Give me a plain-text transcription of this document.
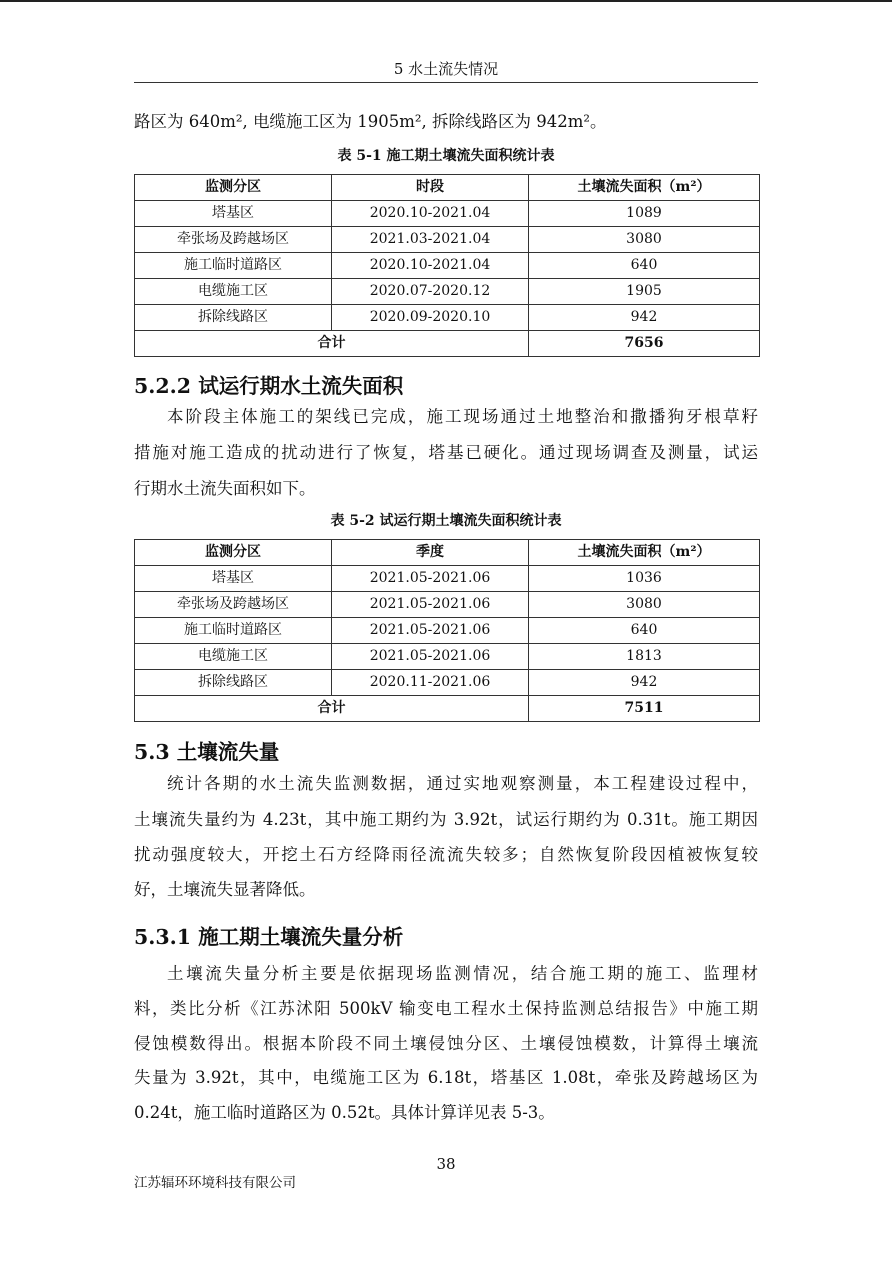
5 水土流失情况
路区为 640m², 电缆施工区为 1905m², 拆除线路区为 942m²。
表 5-1 施工期土壤流失面积统计表
监测分区	时段	土壤流失面积（m²）
塔基区	2020.10-2021.04	1089
牵张场及跨越场区	2021.03-2021.04	3080
施工临时道路区	2020.10-2021.04	640
电缆施工区	2020.07-2020.12	1905
拆除线路区	2020.09-2020.10	942
合计		7656
5.2.2 试运行期水土流失面积
本阶段主体施工的架线已完成，施工现场通过土地整治和撒播狗牙根草籽
措施对施工造成的扰动进行了恢复，塔基已硬化。通过现场调查及测量，试运
行期水土流失面积如下。
表 5-2 试运行期土壤流失面积统计表
监测分区	季度	土壤流失面积（m²）
塔基区	2021.05-2021.06	1036
牵张场及跨越场区	2021.05-2021.06	3080
施工临时道路区	2021.05-2021.06	640
电缆施工区	2021.05-2021.06	1813
拆除线路区	2020.11-2021.06	942
合计		7511
5.3 土壤流失量
统计各期的水土流失监测数据，通过实地观察测量，本工程建设过程中，
土壤流失量约为 4.23t，其中施工期约为 3.92t，试运行期约为 0.31t。施工期因
扰动强度较大，开挖土石方经降雨径流流失较多；自然恢复阶段因植被恢复较
好，土壤流失显著降低。
5.3.1 施工期土壤流失量分析
土壤流失量分析主要是依据现场监测情况，结合施工期的施工、监理材
料，类比分析《江苏沭阳 500kV 输变电工程水土保持监测总结报告》中施工期
侵蚀模数得出。根据本阶段不同土壤侵蚀分区、土壤侵蚀模数，计算得土壤流
失量为 3.92t，其中，电缆施工区为 6.18t，塔基区 1.08t，牵张及跨越场区为
0.24t，施工临时道路区为 0.52t。具体计算详见表 5-3。
38
江苏辐环环境科技有限公司
